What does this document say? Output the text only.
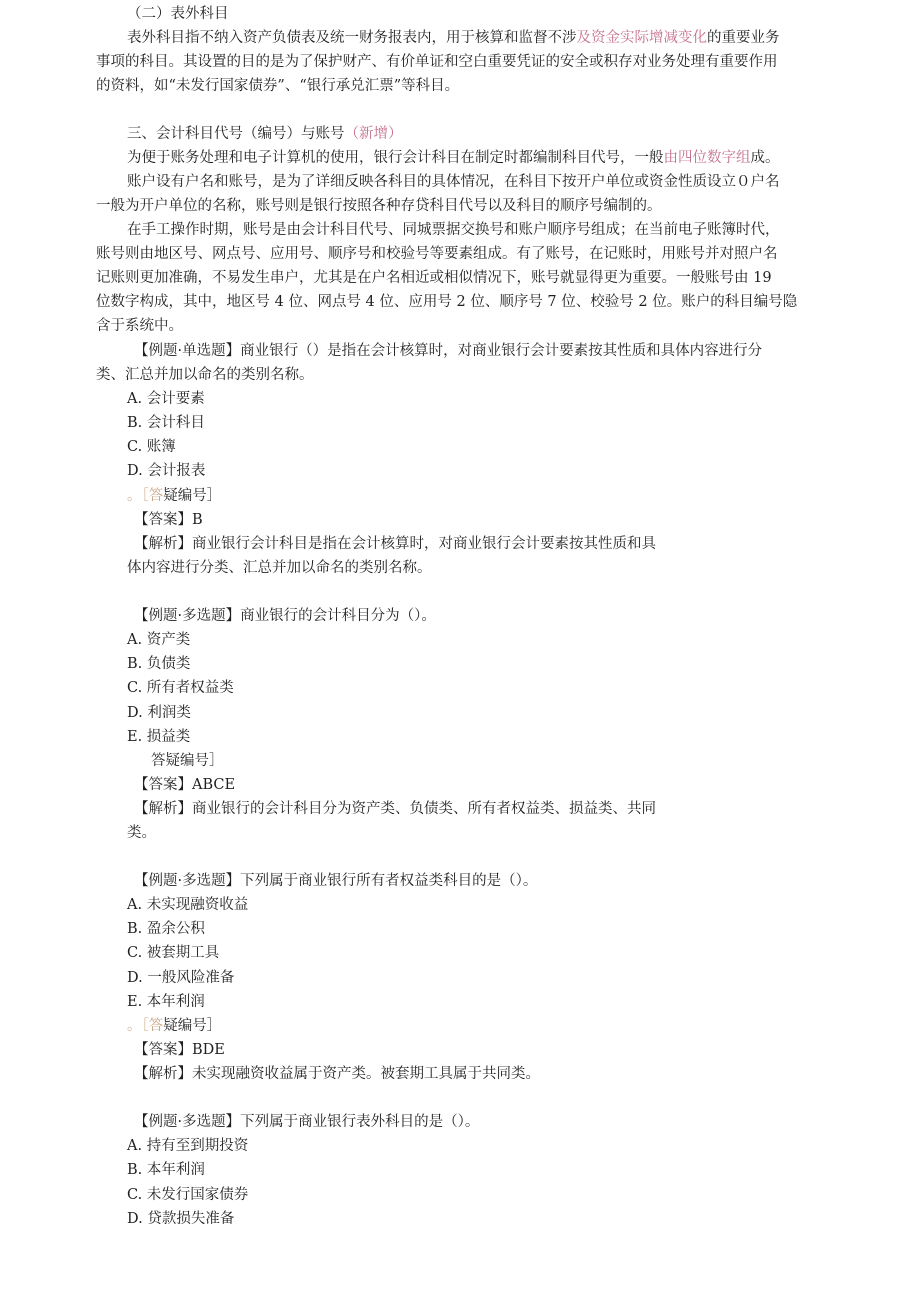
（二）表外科目
表外科目指不纳入资产负债表及统一财务报表内，用于核算和监督不涉及资金实际增减变化的重要业务
事项的科目。其设置的目的是为了保护财产、有价单证和空白重要凭证的安全或积存对业务处理有重要作用
的资料，如“未发行国家债券”、“银行承兑汇票”等科目。
三、会计科目代号（编号）与账号（新增）
为便于账务处理和电子计算机的使用，银行会计科目在制定时都编制科目代号，一般由四位数字组成。
账户设有户名和账号，是为了详细反映各科目的具体情况，在科目下按开户单位或资金性质设立０户名
一般为开户单位的名称，账号则是银行按照各种存贷科目代号以及科目的顺序号编制的。
在手工操作时期，账号是由会计科目代号、同城票据交换号和账户顺序号组成；在当前电子账簿时代，
账号则由地区号、网点号、应用号、顺序号和校验号等要素组成。有了账号，在记账时，用账号并对照户名
记账则更加准确，不易发生串户，尤其是在户名相近或相似情况下，账号就显得更为重要。一般账号由 19
位数字构成，其中，地区号 4 位、网点号 4 位、应用号 2 位、顺序号 7 位、校验号 2 位。账户的科目编号隐
含于系统中。
【例题·单选题】商业银行（）是指在会计核算时，对商业银行会计要素按其性质和具体内容进行分
类、汇总并加以命名的类别名称。
A. 会计要素
B. 会计科目
C. 账簿
D. 会计报表
。［答疑编号］
【答案】B
【解析】商业银行会计科目是指在会计核算时，对商业银行会计要素按其性质和具
体内容进行分类、汇总并加以命名的类别名称。
【例题·多选题】商业银行的会计科目分为（）。
A. 资产类
B. 负债类
C. 所有者权益类
D. 利润类
E. 损益类
答疑编号］
【答案】ABCE
【解析】商业银行的会计科目分为资产类、负债类、所有者权益类、损益类、共同
类。
【例题·多选题】下列属于商业银行所有者权益类科目的是（）。
A. 未实现融资收益
B. 盈余公积
C. 被套期工具
D. 一般风险准备
E. 本年利润
。［答疑编号］
【答案】BDE
【解析】未实现融资收益属于资产类。被套期工具属于共同类。
【例题·多选题】下列属于商业银行表外科目的是（）。
A. 持有至到期投资
B. 本年利润
C. 未发行国家债券
D. 贷款损失准备
